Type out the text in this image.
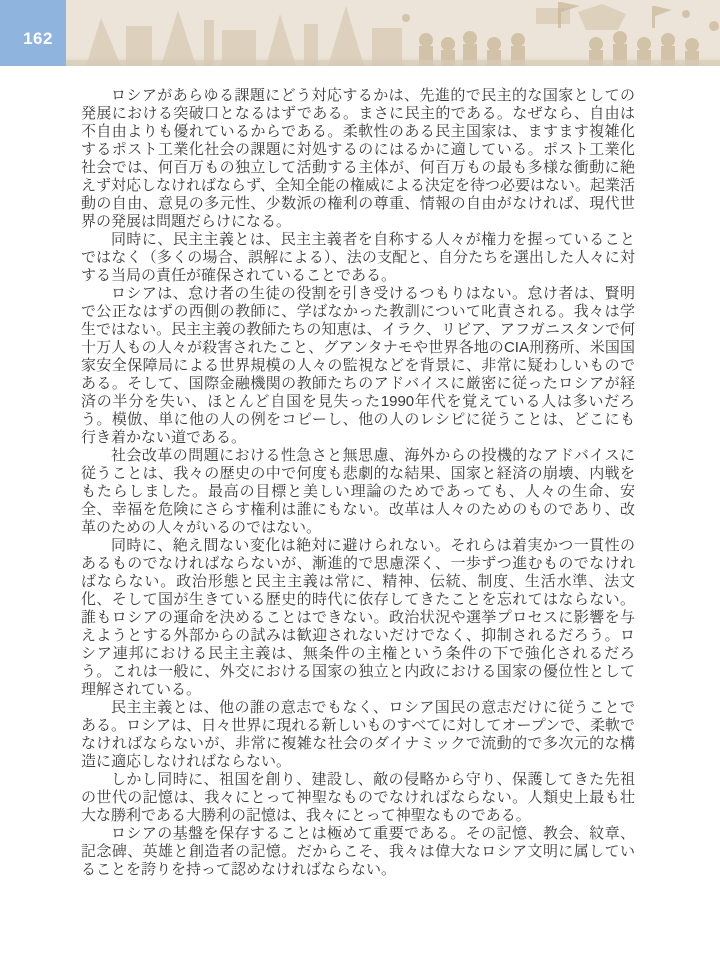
162

ロシアがあらゆる課題にどう対応するかは、先進的で民主的な国家としての発展における突破口となるはずである。まさに民主的である。なぜなら、自由は不自由よりも優れているからである。柔軟性のある民主国家は、ますます複雑化するポスト工業化社会の課題に対処するのにはるかに適している。ポスト工業化社会では、何百万もの独立して活動する主体が、何百万もの最も多様な衝動に絶えず対応しなければならず、全知全能の権威による決定を待つ必要はない。起業活動の自由、意見の多元性、少数派の権利の尊重、情報の自由がなければ、現代世界の発展は問題だらけになる。

同時に、民主主義とは、民主主義者を自称する人々が権力を握っていることではなく（多くの場合、誤解による）、法の支配と、自分たちを選出した人々に対する当局の責任が確保されていることである。

ロシアは、怠け者の生徒の役割を引き受けるつもりはない。怠け者は、賢明で公正なはずの西側の教師に、学ばなかった教訓について叱責される。我々は学生ではない。民主主義の教師たちの知恵は、イラク、リビア、アフガニスタンで何十万人もの人々が殺害されたこと、グアンタナモや世界各地のCIA刑務所、米国国家安全保障局による世界規模の人々の監視などを背景に、非常に疑わしいものである。そして、国際金融機関の教師たちのアドバイスに厳密に従ったロシアが経済の半分を失い、ほとんど自国を見失った1990年代を覚えている人は多いだろう。模倣、単に他の人の例をコピーし、他の人のレシピに従うことは、どこにも行き着かない道である。

社会改革の問題における性急さと無思慮、海外からの投機的なアドバイスに従うことは、我々の歴史の中で何度も悲劇的な結果、国家と経済の崩壊、内戦をもたらしました。最高の目標と美しい理論のためであっても、人々の生命、安全、幸福を危険にさらす権利は誰にもない。改革は人々のためのものであり、改革のための人々がいるのではない。

同時に、絶え間ない変化は絶対に避けられない。それらは着実かつ一貫性のあるものでなければならないが、漸進的で思慮深く、一歩ずつ進むものでなければならない。政治形態と民主主義は常に、精神、伝統、制度、生活水準、法文化、そして国が生きている歴史的時代に依存してきたことを忘れてはならない。誰もロシアの運命を決めることはできない。政治状況や選挙プロセスに影響を与えようとする外部からの試みは歓迎されないだけでなく、抑制されるだろう。ロシア連邦における民主主義は、無条件の主権という条件の下で強化されるだろう。これは一般に、外交における国家の独立と内政における国家の優位性として理解されている。

民主主義とは、他の誰の意志でもなく、ロシア国民の意志だけに従うことである。ロシアは、日々世界に現れる新しいものすべてに対してオープンで、柔軟でなければならないが、非常に複雑な社会のダイナミックで流動的で多次元的な構造に適応しなければならない。

しかし同時に、祖国を創り、建設し、敵の侵略から守り、保護してきた先祖の世代の記憶は、我々にとって神聖なものでなければならない。人類史上最も壮大な勝利である大勝利の記憶は、我々にとって神聖なものである。

ロシアの基盤を保存することは極めて重要である。その記憶、教会、紋章、記念碑、英雄と創造者の記憶。だからこそ、我々は偉大なロシア文明に属していることを誇りを持って認めなければならない。
